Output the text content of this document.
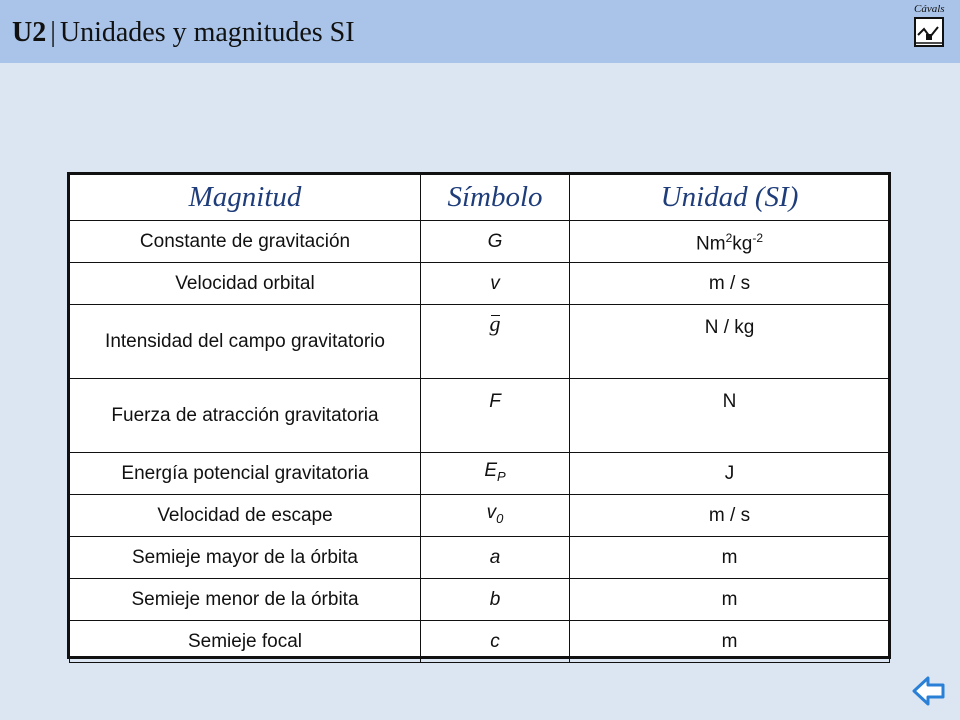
U2 | Unidades y magnitudes SI
Cávals
Magnitud	Símbolo	Unidad (SI)
Constante de gravitación	G	$Nm^2kg^{-2}$
Velocidad orbital	v	m / s
Intensidad del campo gravitatorio	g	N / kg
Fuerza de atracción gravitatoria	F	N
Energía potencial gravitatoria	$E_P$	J
Velocidad de escape	$v_0$	m / s
Semieje mayor de la órbita	a	m
Semieje menor de la órbita	b	m
Semieje focal	c	m
